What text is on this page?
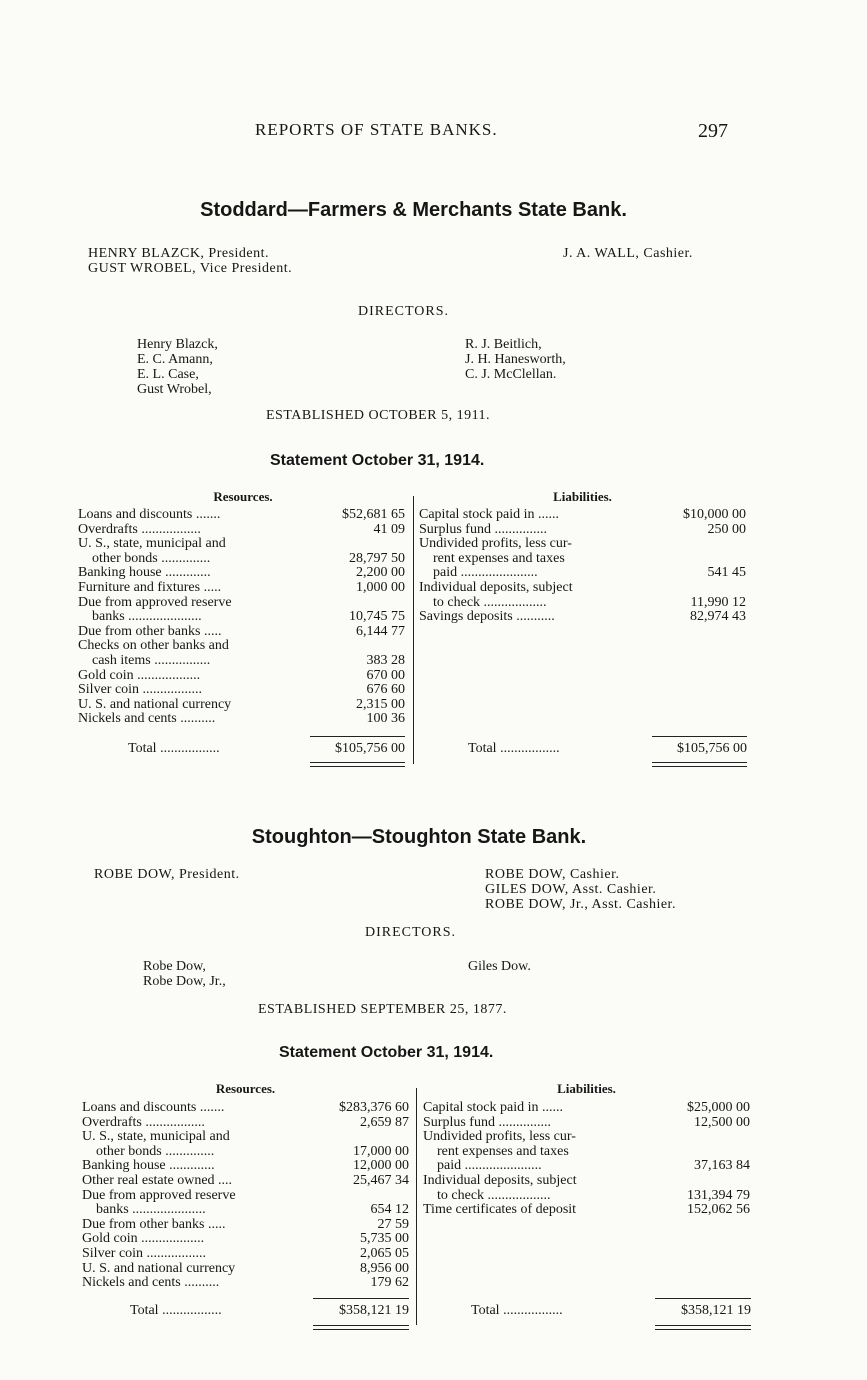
REPORTS OF STATE BANKS.	297
Stoddard—Farmers & Merchants State Bank.
HENRY BLAZCK, President.
GUST WROBEL, Vice President.
J. A. WALL, Cashier.
DIRECTORS.
Henry Blazck,
E. C. Amann,
E. L. Case,
Gust Wrobel,
R. J. Beitlich,
J. H. Hanesworth,
C. J. McClellan.
ESTABLISHED OCTOBER 5, 1911.
Statement October 31, 1914.
Resources.	Liabilities.
Loans and discounts .......	$52,681 65
Overdrafts .................	41 09
U. S., state, municipal and
other bonds ..............	28,797 50
Banking house .............	2,200 00
Furniture and fixtures .....	1,000 00
Due from approved reserve
banks .....................	10,745 75
Due from other banks .....	6,144 77
Checks on other banks and
cash items ................	383 28
Gold coin ..................	670 00
Silver coin .................	676 60
U. S. and national currency	2,315 00
Nickels and cents ..........	100 36
Capital stock paid in ......	$10,000 00
Surplus fund ...............	250 00
Undivided profits, less cur-
rent expenses and taxes
paid ......................	541 45
Individual deposits, subject
to check ..................	11,990 12
Savings deposits ...........	82,974 43
Total .................	$105,756 00	Total .................	$105,756 00
Stoughton—Stoughton State Bank.
ROBE DOW, President.	ROBE DOW, Cashier.
GILES DOW, Asst. Cashier.
ROBE DOW, Jr., Asst. Cashier.
DIRECTORS.
Robe Dow,
Robe Dow, Jr.,
Giles Dow.
ESTABLISHED SEPTEMBER 25, 1877.
Statement October 31, 1914.
Resources.	Liabilities.
Loans and discounts .......	$283,376 60
Overdrafts .................	2,659 87
U. S., state, municipal and
other bonds ..............	17,000 00
Banking house .............	12,000 00
Other real estate owned ....	25,467 34
Due from approved reserve
banks .....................	654 12
Due from other banks .....	27 59
Gold coin ..................	5,735 00
Silver coin .................	2,065 05
U. S. and national currency	8,956 00
Nickels and cents ..........	179 62
Capital stock paid in ......	$25,000 00
Surplus fund ...............	12,500 00
Undivided profits, less cur-
rent expenses and taxes
paid ......................	37,163 84
Individual deposits, subject
to check ..................	131,394 79
Time certificates of deposit	152,062 56
Total .................	$358,121 19	Total .................	$358,121 19
